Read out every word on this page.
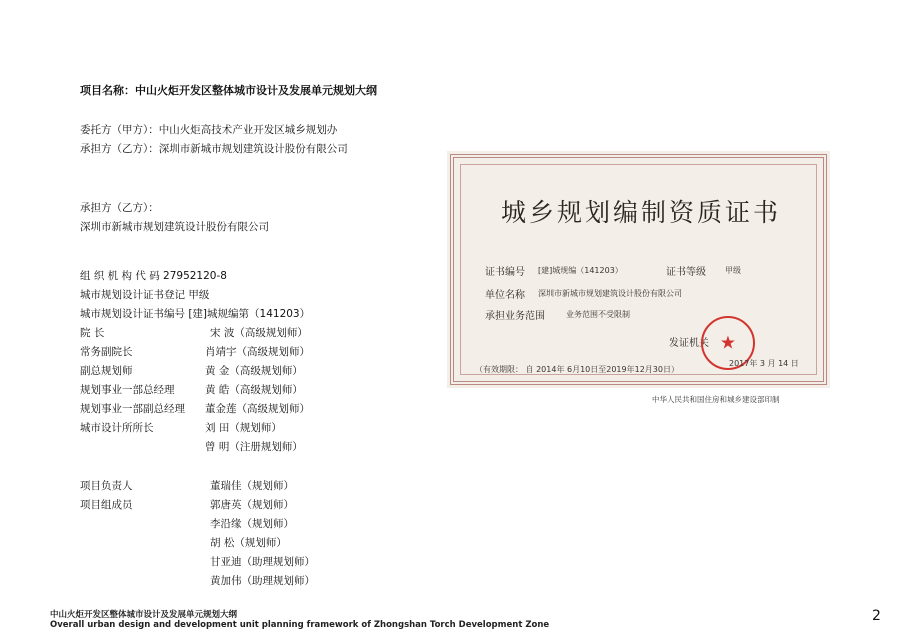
项目名称：中山火炬开发区整体城市设计及发展单元规划大纲
委托方（甲方）：中山火炬高技术产业开发区城乡规划办
承担方（乙方）：深圳市新城市规划建筑设计股份有限公司
承担方（乙方）：
深圳市新城市规划建筑设计股份有限公司
组 织 机 构 代 码 27952120-8
城市规划设计证书登记 甲级
城市规划设计证书编号 [建]城规编第（141203）
院 长	宋 波（高级规划师）
常务副院长	肖靖宇（高级规划师）
副总规划师	黄 金（高级规划师）
规划事业一部总经理	黄 皓（高级规划师）
规划事业一部副总经理 董金莲（高级规划师）
城市设计所所长	刘 田（规划师）
曾 明（注册规划师）
项目负责人	董瑞佳（规划师）
项目组成员	郭唐英（规划师）
李沿缘（规划师）
胡 松（规划师）
甘亚迪（助理规划师）
黄加伟（助理规划师）
城乡规划编制资质证书
证书编号 [建]城规编（141203）	证书等级 甲级
单位名称 深圳市新城市规划建筑设计股份有限公司
承担业务范围	业务范围不受限制
发证机关 ★
（有效期限： 自 2014年 6月10日至2019年12月30日）
2017年 3 月 14 日
中华人民共和国住房和城乡建设部印制
中山火炬开发区整体城市设计及发展单元规划大纲
Overall urban design and development unit planning framework of Zhongshan Torch Development Zone
2
